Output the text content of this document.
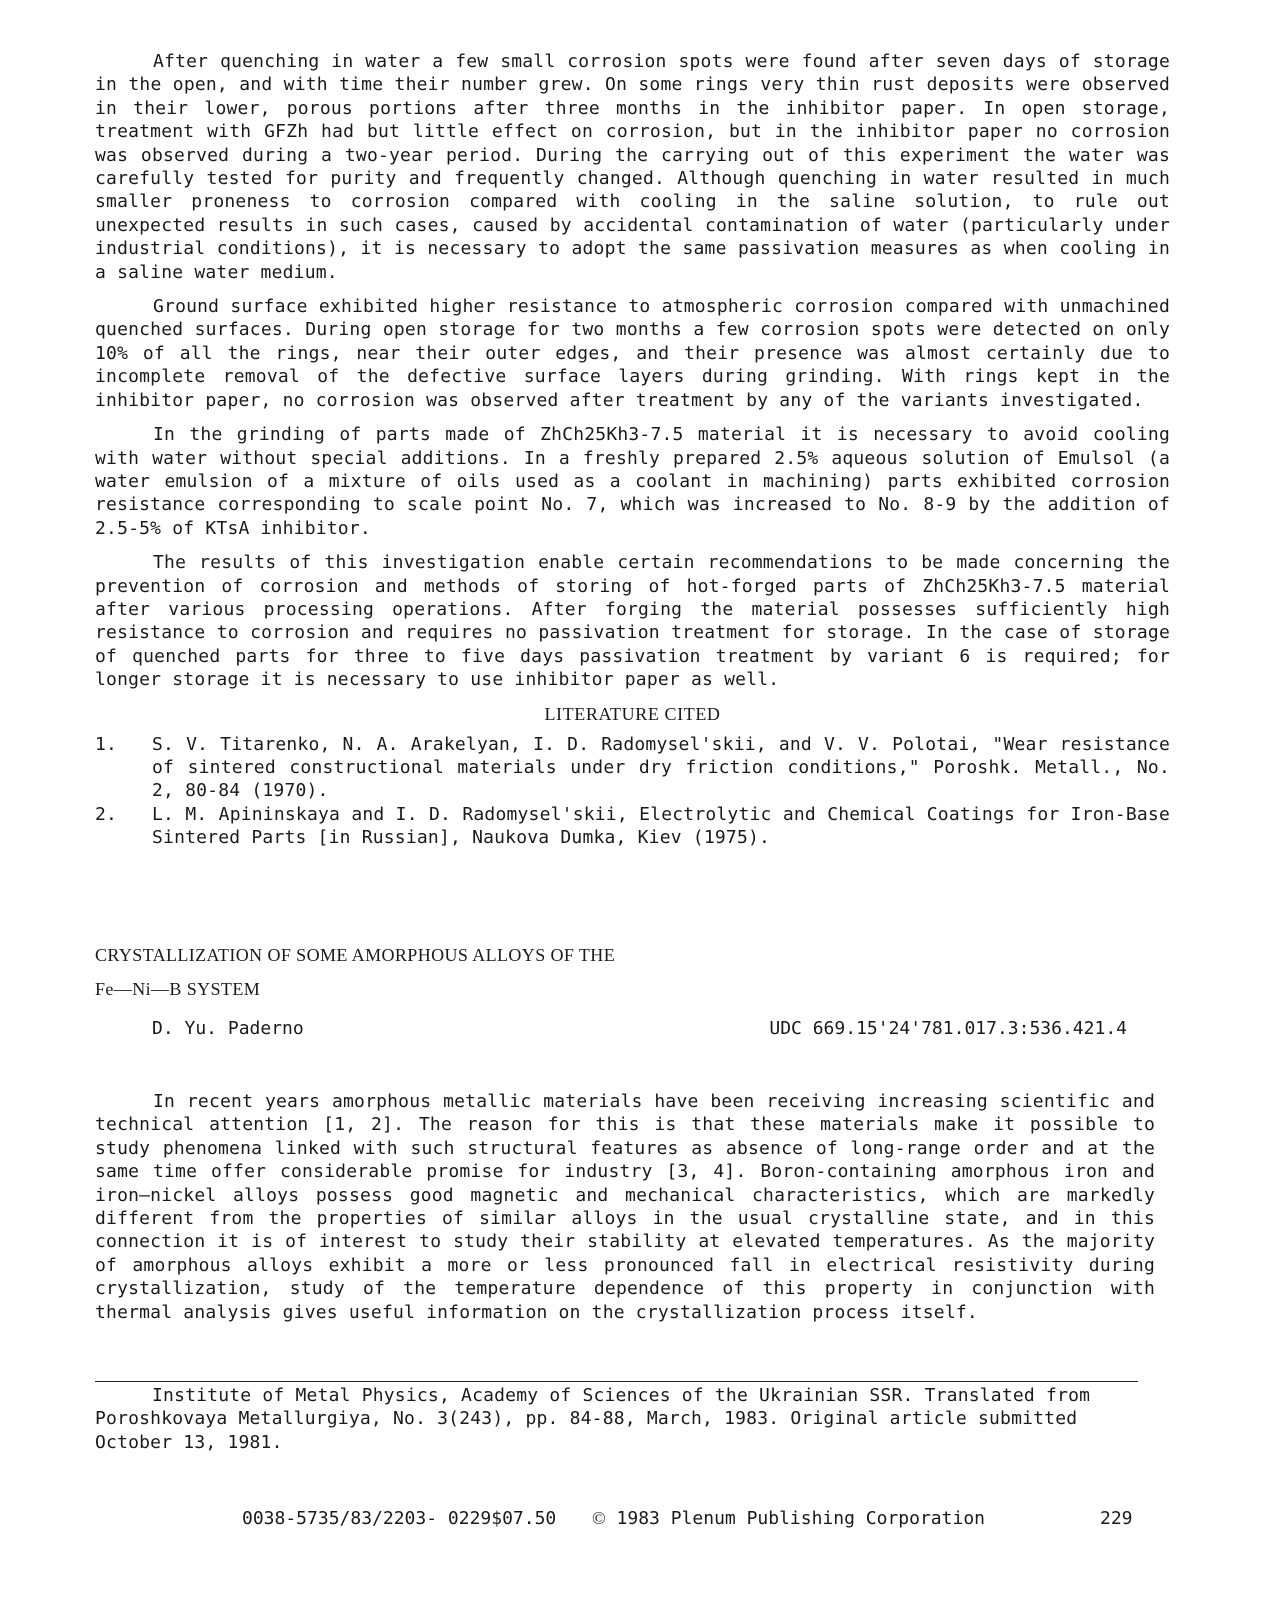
After quenching in water a few small corrosion spots were found after seven days of storage in the open, and with time their number grew. On some rings very thin rust deposits were observed in their lower, porous portions after three months in the inhibitor paper. In open storage, treatment with GFZh had but little effect on corrosion, but in the inhibitor paper no corrosion was observed during a two-year period. During the carrying out of this experiment the water was carefully tested for purity and frequently changed. Although quenching in water resulted in much smaller proneness to corrosion compared with cooling in the saline solution, to rule out unexpected results in such cases, caused by accidental contamination of water (particularly under industrial conditions), it is necessary to adopt the same passivation measures as when cooling in a saline water medium.

Ground surface exhibited higher resistance to atmospheric corrosion compared with unmachined quenched surfaces. During open storage for two months a few corrosion spots were detected on only 10% of all the rings, near their outer edges, and their presence was almost certainly due to incomplete removal of the defective surface layers during grinding. With rings kept in the inhibitor paper, no corrosion was observed after treatment by any of the variants investigated.

In the grinding of parts made of ZhCh25Kh3-7.5 material it is necessary to avoid cooling with water without special additions. In a freshly prepared 2.5% aqueous solution of Emulsol (a water emulsion of a mixture of oils used as a coolant in machining) parts exhibited corrosion resistance corresponding to scale point No. 7, which was increased to No. 8-9 by the addition of 2.5-5% of KTsA inhibitor.

The results of this investigation enable certain recommendations to be made concerning the prevention of corrosion and methods of storing of hot-forged parts of ZhCh25Kh3-7.5 material after various processing operations. After forging the material possesses sufficiently high resistance to corrosion and requires no passivation treatment for storage. In the case of storage of quenched parts for three to five days passivation treatment by variant 6 is required; for longer storage it is necessary to use inhibitor paper as well.

LITERATURE CITED
1.	S. V. Titarenko, N. A. Arakelyan, I. D. Radomysel'skii, and V. V. Polotai, "Wear resistance of sintered constructional materials under dry friction conditions," Poroshk. Metall., No. 2, 80-84 (1970).
2.	L. M. Apininskaya and I. D. Radomysel'skii, Electrolytic and Chemical Coatings for Iron-Base Sintered Parts [in Russian], Naukova Dumka, Kiev (1975).
CRYSTALLIZATION OF SOME AMORPHOUS ALLOYS OF THE
Fe—Ni—B SYSTEM
D. Yu. Paderno	UDC 669.15'24'781.017.3:536.421.4

In recent years amorphous metallic materials have been receiving increasing scientific and technical attention [1, 2]. The reason for this is that these materials make it possible to study phenomena linked with such structural features as absence of long-range order and at the same time offer considerable promise for industry [3, 4]. Boron-containing amorphous iron and iron—nickel alloys possess good magnetic and mechanical characteristics, which are markedly different from the properties of similar alloys in the usual crystalline state, and in this connection it is of interest to study their stability at elevated temperatures. As the majority of amorphous alloys exhibit a more or less pronounced fall in electrical resistivity during crystallization, study of the temperature dependence of this property in conjunction with thermal analysis gives useful information on the crystallization process itself.

Institute of Metal Physics, Academy of Sciences of the Ukrainian SSR. Translated from Poroshkovaya Metallurgiya, No. 3(243), pp. 84-88, March, 1983. Original article submitted October 13, 1981.
0038-5735/83/2203- 0229$07.50 © 1983 Plenum Publishing Corporation	229
